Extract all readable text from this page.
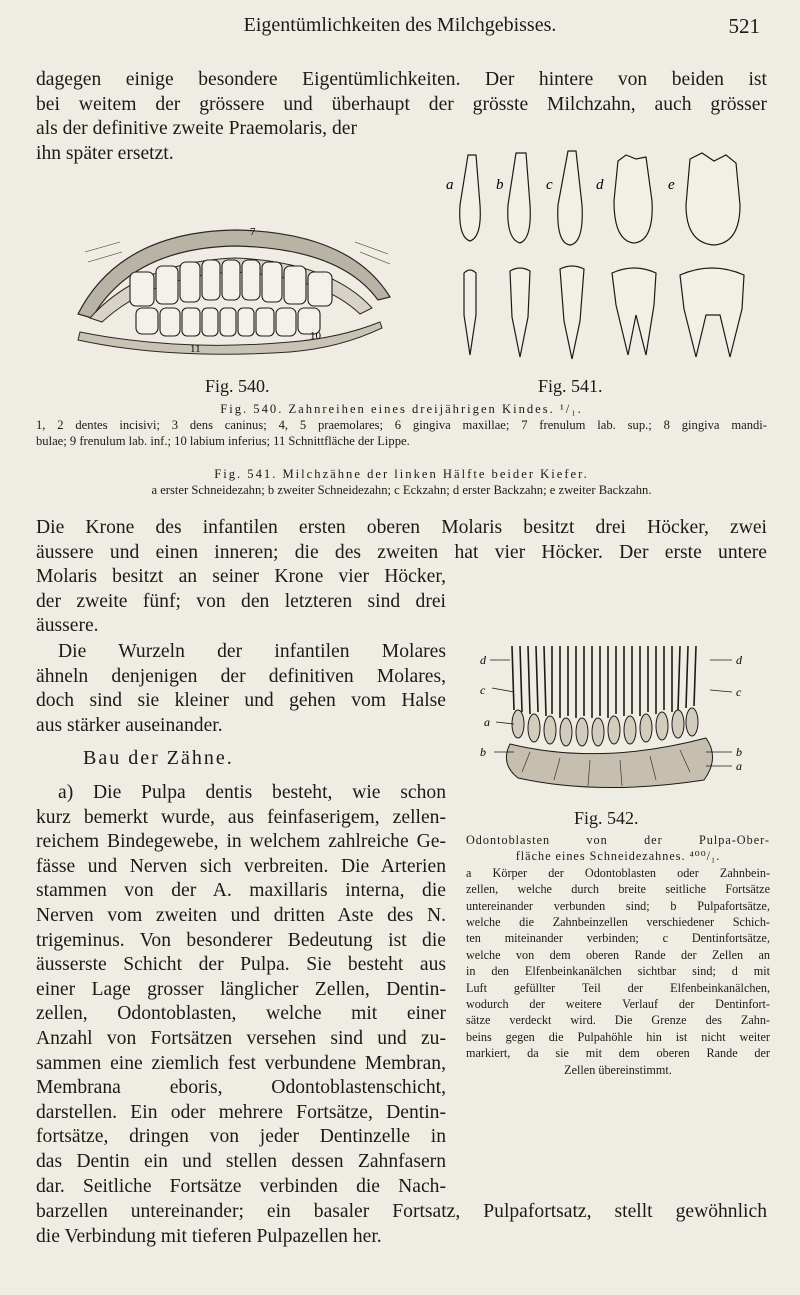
Eigentümlichkeiten des Milchgebisses.	521
dagegen einige besondere Eigentümlichkeiten. Der hintere von beiden ist
bei weitem der grössere und überhaupt der grösste Milchzahn, auch grösser
als der definitive zweite Praemolaris, der
ihn später ersetzt.
7
10
11
a	b	c	d	e
Fig. 540.	Fig. 541.
Fig. 540. Zahnreihen eines dreijährigen Kindes. ¹/₁.
1, 2 dentes incisivi; 3 dens caninus; 4, 5 praemolares; 6 gingiva maxillae; 7 frenulum lab. sup.; 8 gingiva mandi-
bulae; 9 frenulum lab. inf.; 10 labium inferius; 11 Schnittfläche der Lippe.
Fig. 541. Milchzähne der linken Hälfte beider Kiefer.
a erster Schneidezahn; b zweiter Schneidezahn; c Eckzahn; d erster Backzahn; e zweiter Backzahn.
Die Krone des infantilen ersten oberen Molaris besitzt drei Höcker, zwei
äussere und einen inneren; die des zweiten hat vier Höcker. Der erste untere
Molaris besitzt an seiner Krone vier Höcker,
der zweite fünf; von den letzteren sind drei
äussere.
Die Wurzeln der infantilen Molares
ähneln denjenigen der definitiven Molares,
doch sind sie kleiner und gehen vom Halse
aus stärker auseinander.
Bau der Zähne.
a) Die Pulpa dentis besteht, wie schon
kurz bemerkt wurde, aus feinfaserigem, zellen-
reichem Bindegewebe, in welchem zahlreiche Ge-
fässe und Nerven sich verbreiten. Die Arterien
stammen von der A. maxillaris interna, die
Nerven vom zweiten und dritten Aste des N.
trigeminus. Von besonderer Bedeutung ist die
äusserste Schicht der Pulpa. Sie besteht aus
einer Lage grosser länglicher Zellen, Dentin-
zellen, Odontoblasten, welche mit einer
Anzahl von Fortsätzen versehen sind und zu-
sammen eine ziemlich fest verbundene Membran,
Membrana eboris, Odontoblastenschicht,
darstellen. Ein oder mehrere Fortsätze, Dentin-
fortsätze, dringen von jeder Dentinzelle in
das Dentin ein und stellen dessen Zahnfasern
dar. Seitliche Fortsätze verbinden die Nach-
barzellen untereinander; ein basaler Fortsatz, Pulpafortsatz, stellt gewöhnlich
die Verbindung mit tieferen Pulpazellen her.
d	d
c	c
a
b	b
a
Fig. 542.
Odontoblasten von der Pulpa-Ober-
fläche eines Schneidezahnes. ⁴⁰⁰/₁.
a Körper der Odontoblasten oder Zahnbein-
zellen, welche durch breite seitliche Fortsätze
untereinander verbunden sind; b Pulpafortsätze,
welche die Zahnbeinzellen verschiedener Schich-
ten miteinander verbinden; c Dentinfortsätze,
welche von dem oberen Rande der Zellen an
in den Elfenbeinkanälchen sichtbar sind; d mit
Luft gefüllter Teil der Elfenbeinkanälchen,
wodurch der weitere Verlauf der Dentinfort-
sätze verdeckt wird. Die Grenze des Zahn-
beins gegen die Pulpahöhle hin ist nicht weiter
markiert, da sie mit dem oberen Rande der
Zellen übereinstimmt.
